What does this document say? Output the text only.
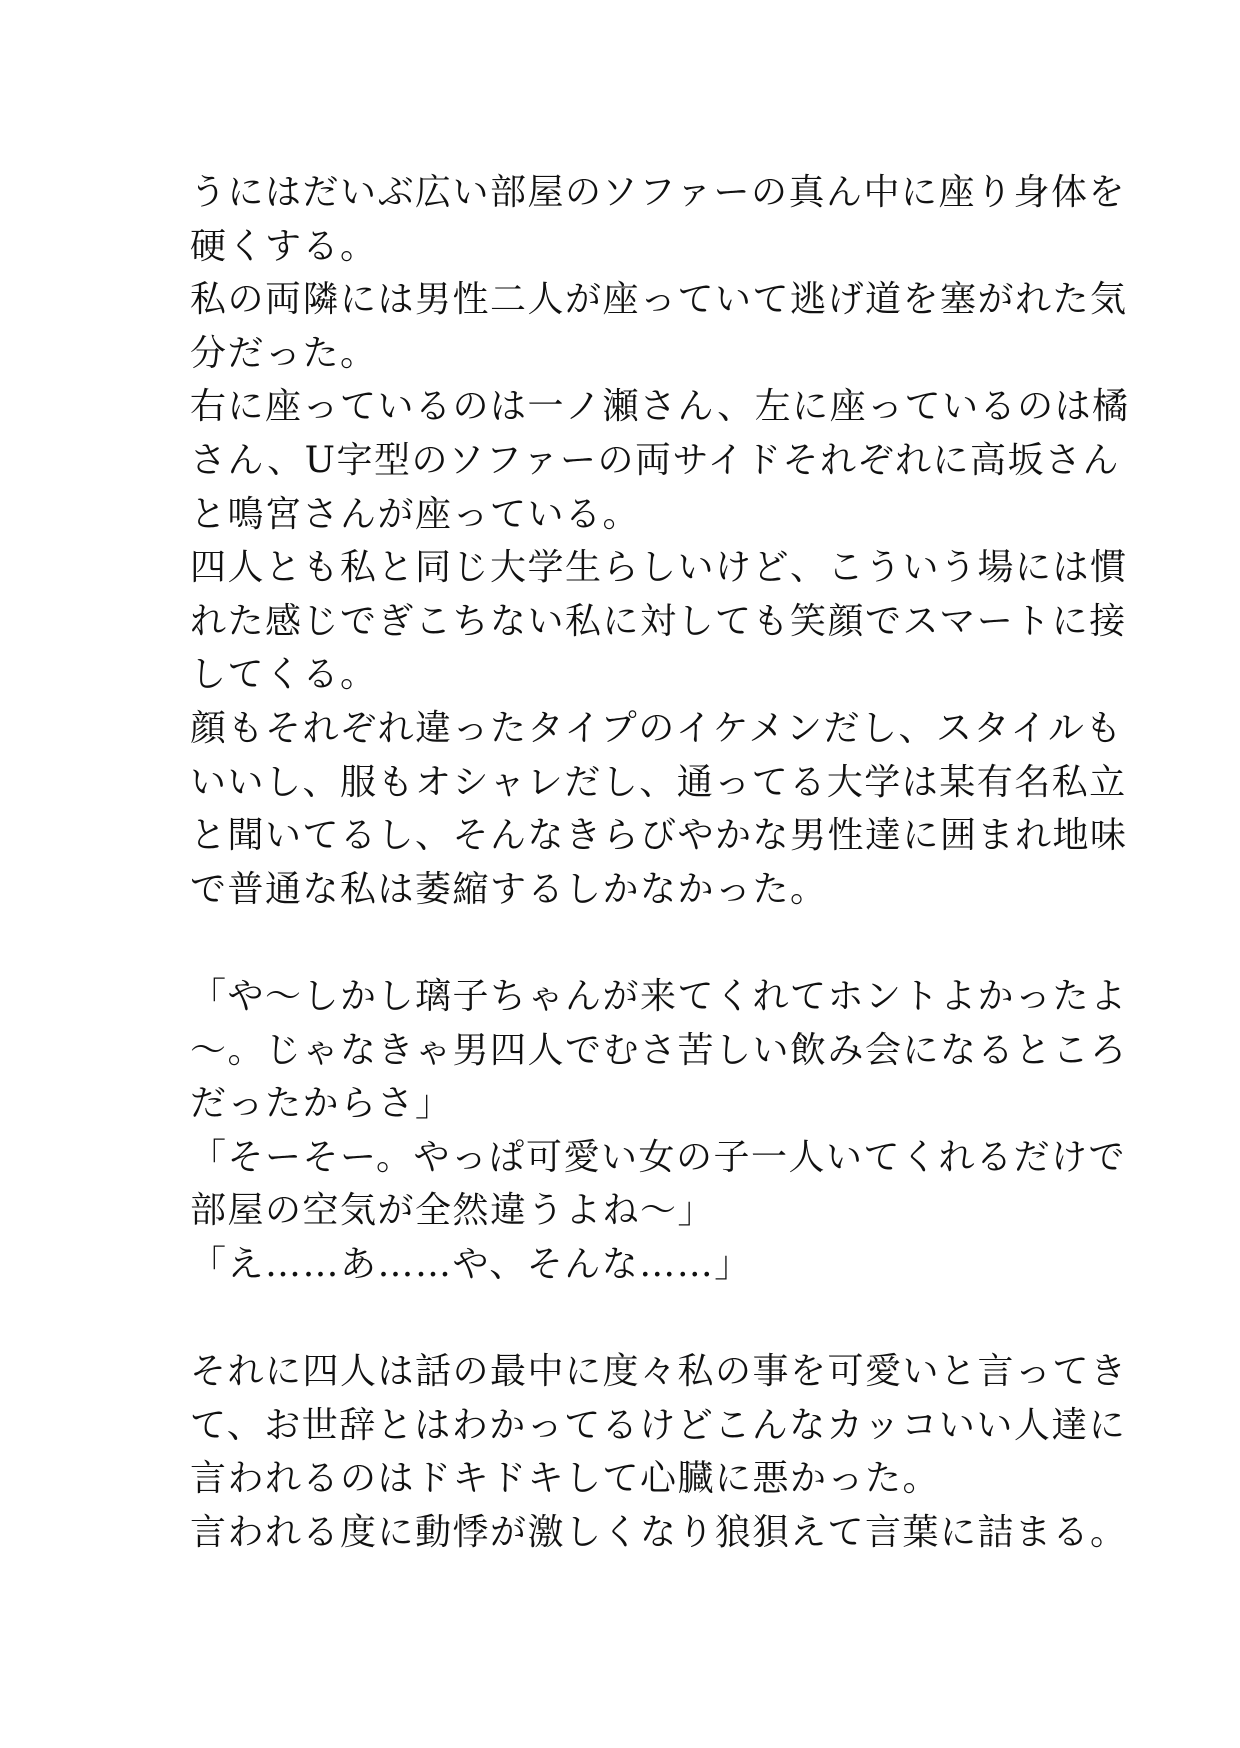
うにはだいぶ広い部屋のソファーの真ん中に座り身体を
硬くする。
私の両隣には男性二人が座っていて逃げ道を塞がれた気
分だった。
右に座っているのは一ノ瀬さん、左に座っているのは橘
さん、U字型のソファーの両サイドそれぞれに高坂さん
と鳴宮さんが座っている。
四人とも私と同じ大学生らしいけど、こういう場には慣
れた感じでぎこちない私に対しても笑顔でスマートに接
してくる。
顔もそれぞれ違ったタイプのイケメンだし、スタイルも
いいし、服もオシャレだし、通ってる大学は某有名私立
と聞いてるし、そんなきらびやかな男性達に囲まれ地味
で普通な私は萎縮するしかなかった。
「や〜しかし璃子ちゃんが来てくれてホントよかったよ
〜。じゃなきゃ男四人でむさ苦しい飲み会になるところ
だったからさ」
「そーそー。やっぱ可愛い女の子一人いてくれるだけで
部屋の空気が全然違うよね〜」
「え……あ……や、そんな……」
それに四人は話の最中に度々私の事を可愛いと言ってき
て、お世辞とはわかってるけどこんなカッコいい人達に
言われるのはドキドキして心臓に悪かった。
言われる度に動悸が激しくなり狼狽えて言葉に詰まる。
